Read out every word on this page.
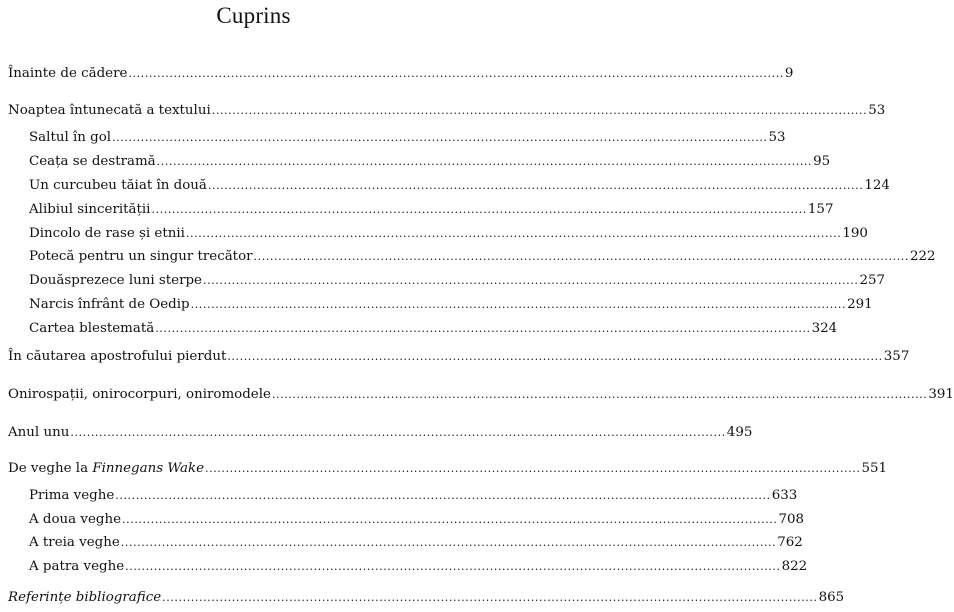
Cuprins
Înainte de cădere ................................................................................................................................................................ 9
Noaptea întunecată a textului ................................................................................................................................................................ 53
Saltul în gol ................................................................................................................................................................ 53
Ceața se destramă ................................................................................................................................................................ 95
Un curcubeu tăiat în două ................................................................................................................................................................ 124
Alibiul sincerității ................................................................................................................................................................ 157
Dincolo de rase și etnii ................................................................................................................................................................ 190
Potecă pentru un singur trecător ................................................................................................................................................................ 222
Douăsprezece luni sterpe ................................................................................................................................................................ 257
Narcis înfrânt de Oedip ................................................................................................................................................................ 291
Cartea blestemată ................................................................................................................................................................ 324
În căutarea apostrofului pierdut ................................................................................................................................................................ 357
Onirospații, onirocorpuri, oniromodele ................................................................................................................................................................ 391
Anul unu ................................................................................................................................................................ 495
De veghe la Finnegans Wake ................................................................................................................................................................ 551
Prima veghe ................................................................................................................................................................ 633
A doua veghe ................................................................................................................................................................ 708
A treia veghe ................................................................................................................................................................ 762
A patra veghe ................................................................................................................................................................ 822
Referințe bibliografice ................................................................................................................................................................ 865
